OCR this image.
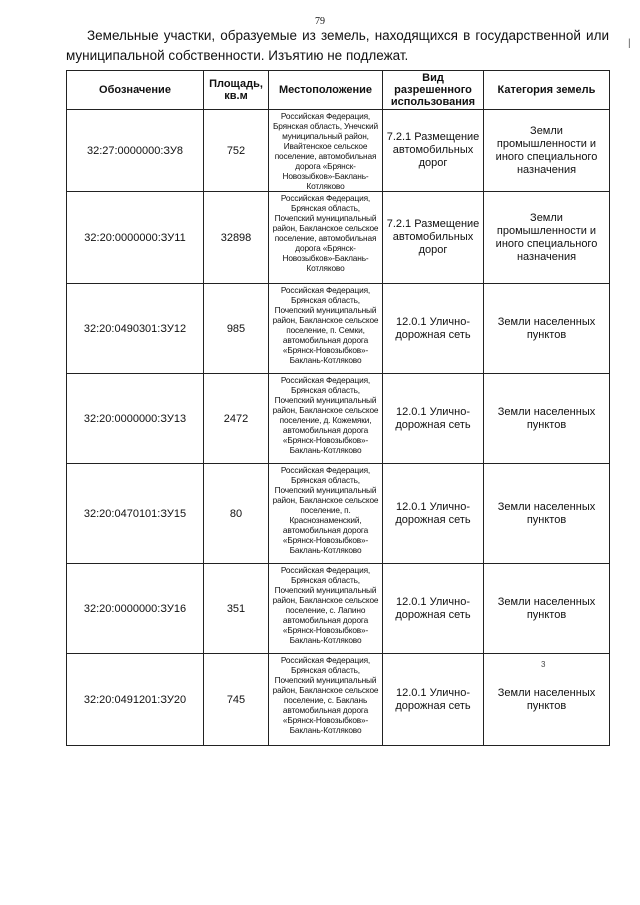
79
|
Земельные участки, образуемые из земель, находящихся в государственной или муниципальной собственности. Изъятию не подлежат.
Обозначение	Площадь, кв.м	Местоположение	Вид разрешенного использования	Категория земель
32:27:0000000:ЗУ8	752	Российская Федерация, Брянская область, Унечский муниципальный район, Ивайтенское сельское поселение, автомобильная дорога «Брянск-Новозыбков»-Баклань-Котляково	7.2.1 Размещение автомобильных дорог	Земли промышленности и иного специального назначения
32:20:0000000:ЗУ11	32898	Российская Федерация, Брянская область, Почепский муниципальный район, Бакланское сельское поселение, автомобильная дорога «Брянск-Новозыбков»-Баклань-Котляково	7.2.1 Размещение автомобильных дорог	Земли промышленности и иного специального назначения
32:20:0490301:ЗУ12	985	Российская Федерация, Брянская область, Почепский муниципальный район, Бакланское сельское поселение, п. Семки, автомобильная дорога «Брянск-Новозыбков»-Баклань-Котляково	12.0.1 Улично-дорожная сеть	Земли населенных пунктов
32:20:0000000:ЗУ13	2472	Российская Федерация, Брянская область, Почепский муниципальный район, Бакланское сельское поселение, д. Кожемяки, автомобильная дорога «Брянск-Новозыбков»-Баклань-Котляково	12.0.1 Улично-дорожная сеть	Земли населенных пунктов
32:20:0470101:ЗУ15	80	Российская Федерация, Брянская область, Почепский муниципальный район, Бакланское сельское поселение, п. Краснознаменский, автомобильная дорога «Брянск-Новозыбков»-Баклань-Котляково	12.0.1 Улично-дорожная сеть	Земли населенных пунктов
32:20:0000000:ЗУ16	351	Российская Федерация, Брянская область, Почепский муниципальный район, Бакланское сельское поселение, с. Лапино автомобильная дорога «Брянск-Новозыбков»-Баклань-Котляково	12.0.1 Улично-дорожная сеть	Земли населенных пунктов
32:20:0491201:ЗУ20	745	Российская Федерация, Брянская область, Почепский муниципальный район, Бакланское сельское поселение, с. Баклань автомобильная дорога «Брянск-Новозыбков»-Баклань-Котляково	12.0.1 Улично-дорожная сеть	Земли населенных пунктов
3
